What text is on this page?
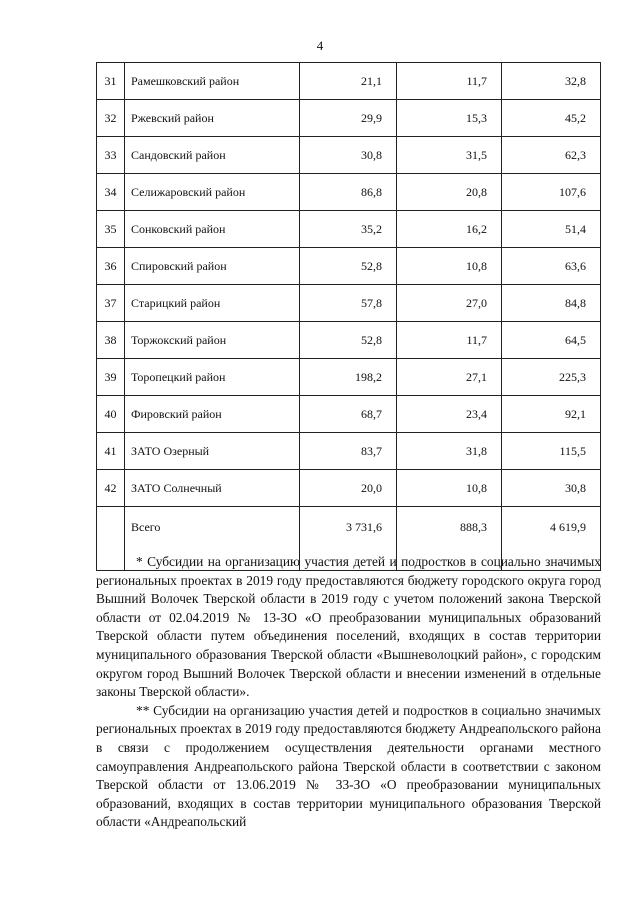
4
31	Рамешковский район	21,1	11,7	32,8
32	Ржевский район	29,9	15,3	45,2
33	Сандовский район	30,8	31,5	62,3
34	Селижаровский район	86,8	20,8	107,6
35	Сонковский район	35,2	16,2	51,4
36	Спировский район	52,8	10,8	63,6
37	Старицкий район	57,8	27,0	84,8
38	Торжокский район	52,8	11,7	64,5
39	Торопецкий район	198,2	27,1	225,3
40	Фировский район	68,7	23,4	92,1
41	ЗАТО Озерный	83,7	31,8	115,5
42	ЗАТО Солнечный	20,0	10,8	30,8
	Всего	3 731,6	888,3	4 619,9

* Субсидии на организацию участия детей и подростков в социально значимых региональных проектах в 2019 году предоставляются бюджету городского округа город Вышний Волочек Тверской области в 2019 году с учетом положений закона Тверской области от 02.04.2019 № 13-ЗО «О преобразовании муниципальных образований Тверской области путем объединения поселений, входящих в состав территории муниципального образования Тверской области «Вышневолоцкий район», с городским округом город Вышний Волочек Тверской области и внесении изменений в отдельные законы Тверской области».

** Субсидии на организацию участия детей и подростков в социально значимых региональных проектах в 2019 году предоставляются бюджету Андреапольского района в связи с продолжением осуществления деятельности органами местного самоуправления Андреапольского района Тверской области в соответствии с законом Тверской области от 13.06.2019 № 33-ЗО «О преобразовании муниципальных образований, входящих в состав территории муниципального образования Тверской области «Андреапольский
